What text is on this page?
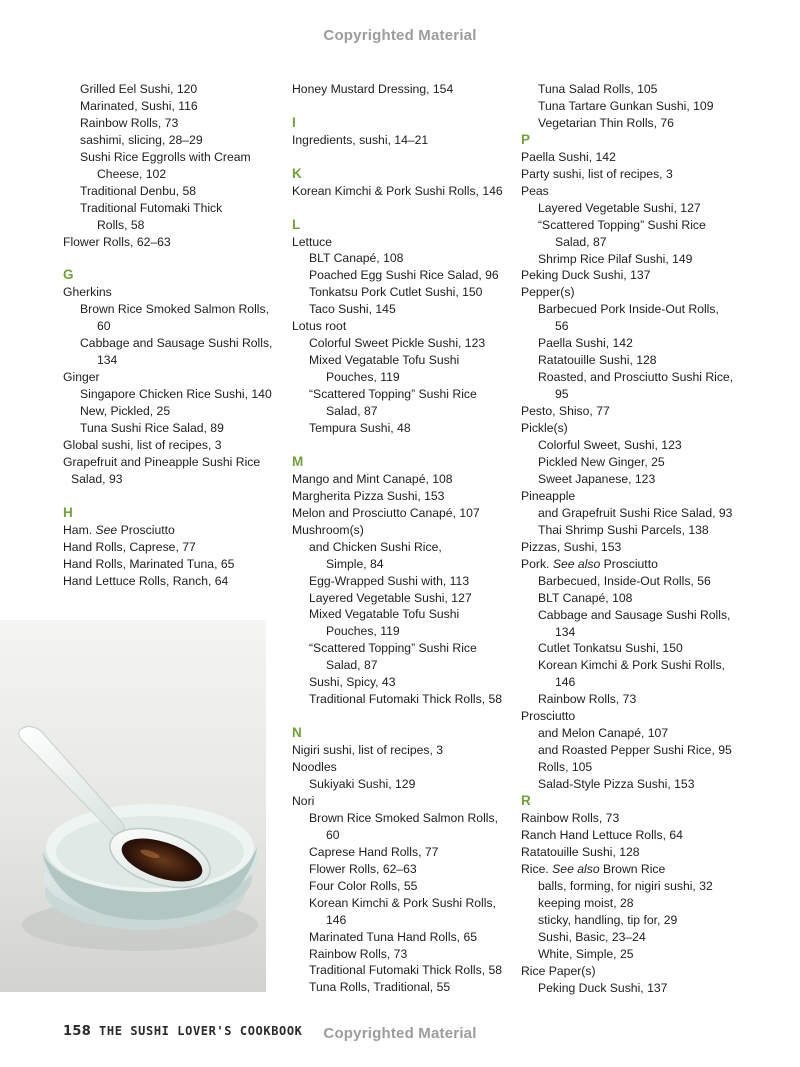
Copyrighted Material
Grilled Eel Sushi, 120
Marinated, Sushi, 116
Rainbow Rolls, 73
sashimi, slicing, 28–29
Sushi Rice Eggrolls with Cream
Cheese, 102
Traditional Denbu, 58
Traditional Futomaki Thick
Rolls, 58
Flower Rolls, 62–63
G
Gherkins
Brown Rice Smoked Salmon Rolls,
60
Cabbage and Sausage Sushi Rolls,
134
Ginger
Singapore Chicken Rice Sushi, 140
New, Pickled, 25
Tuna Sushi Rice Salad, 89
Global sushi, list of recipes, 3
Grapefruit and Pineapple Sushi Rice
Salad, 93
H
Ham. See Prosciutto
Hand Rolls, Caprese, 77
Hand Rolls, Marinated Tuna, 65
Hand Lettuce Rolls, Ranch, 64
Honey Mustard Dressing, 154
I
Ingredients, sushi, 14–21
K
Korean Kimchi & Pork Sushi Rolls, 146
L
Lettuce
BLT Canapé, 108
Poached Egg Sushi Rice Salad, 96
Tonkatsu Pork Cutlet Sushi, 150
Taco Sushi, 145
Lotus root
Colorful Sweet Pickle Sushi, 123
Mixed Vegatable Tofu Sushi
Pouches, 119
“Scattered Topping” Sushi Rice
Salad, 87
Tempura Sushi, 48
M
Mango and Mint Canapé, 108
Margherita Pizza Sushi, 153
Melon and Prosciutto Canapé, 107
Mushroom(s)
and Chicken Sushi Rice,
Simple, 84
Egg-Wrapped Sushi with, 113
Layered Vegetable Sushi, 127
Mixed Vegatable Tofu Sushi
Pouches, 119
“Scattered Topping” Sushi Rice
Salad, 87
Sushi, Spicy, 43
Traditional Futomaki Thick Rolls, 58
N
Nigiri sushi, list of recipes, 3
Noodles
Sukiyaki Sushi, 129
Nori
Brown Rice Smoked Salmon Rolls,
60
Caprese Hand Rolls, 77
Flower Rolls, 62–63
Four Color Rolls, 55
Korean Kimchi & Pork Sushi Rolls,
146
Marinated Tuna Hand Rolls, 65
Rainbow Rolls, 73
Traditional Futomaki Thick Rolls, 58
Tuna Rolls, Traditional, 55
Tuna Salad Rolls, 105
Tuna Tartare Gunkan Sushi, 109
Vegetarian Thin Rolls, 76
P
Paella Sushi, 142
Party sushi, list of recipes, 3
Peas
Layered Vegetable Sushi, 127
“Scattered Topping” Sushi Rice
Salad, 87
Shrimp Rice Pilaf Sushi, 149
Peking Duck Sushi, 137
Pepper(s)
Barbecued Pork Inside-Out Rolls,
56
Paella Sushi, 142
Ratatouille Sushi, 128
Roasted, and Prosciutto Sushi Rice,
95
Pesto, Shiso, 77
Pickle(s)
Colorful Sweet, Sushi, 123
Pickled New Ginger, 25
Sweet Japanese, 123
Pineapple
and Grapefruit Sushi Rice Salad, 93
Thai Shrimp Sushi Parcels, 138
Pizzas, Sushi, 153
Pork. See also Prosciutto
Barbecued, Inside-Out Rolls, 56
BLT Canapé, 108
Cabbage and Sausage Sushi Rolls,
134
Cutlet Tonkatsu Sushi, 150
Korean Kimchi & Pork Sushi Rolls,
146
Rainbow Rolls, 73
Prosciutto
and Melon Canapé, 107
and Roasted Pepper Sushi Rice, 95
Rolls, 105
Salad-Style Pizza Sushi, 153
R
Rainbow Rolls, 73
Ranch Hand Lettuce Rolls, 64
Ratatouille Sushi, 128
Rice. See also Brown Rice
balls, forming, for nigiri sushi, 32
keeping moist, 28
sticky, handling, tip for, 29
Sushi, Basic, 23–24
White, Simple, 25
Rice Paper(s)
Peking Duck Sushi, 137
158 THE SUSHI LOVER'S COOKBOOK	Copyrighted Material
